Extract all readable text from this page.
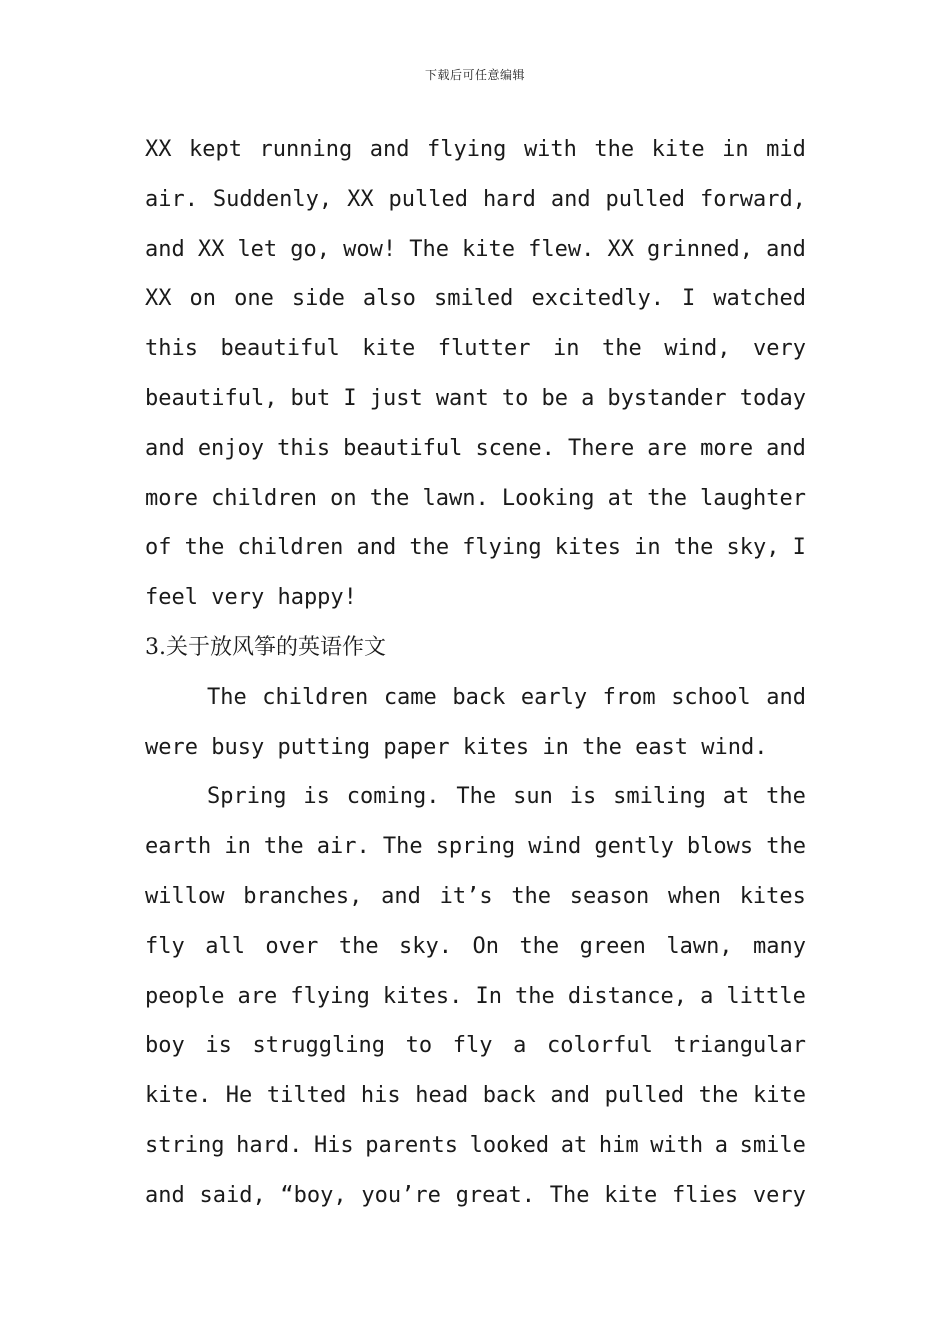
下载后可任意编辑
XX kept running and flying with the kite in mid
air. Suddenly, XX pulled hard and pulled forward,
and XX let go, wow! The kite flew. XX grinned, and
XX on one side also smiled excitedly. I watched
this beautiful kite flutter in the wind, very
beautiful, but I just want to be a bystander today
and enjoy this beautiful scene. There are more and
more children on the lawn. Looking at the laughter
of the children and the flying kites in the sky, I
feel very happy!
3.关于放风筝的英语作文
The children came back early from school and
were busy putting paper kites in the east wind.
Spring is coming. The sun is smiling at the
earth in the air. The spring wind gently blows the
willow branches, and it’s the season when kites
fly all over the sky. On the green lawn, many
people are flying kites. In the distance, a little
boy is struggling to fly a colorful triangular
kite. He tilted his head back and pulled the kite
string hard. His parents looked at him with a smile
and said, “boy, you’re great. The kite flies very
